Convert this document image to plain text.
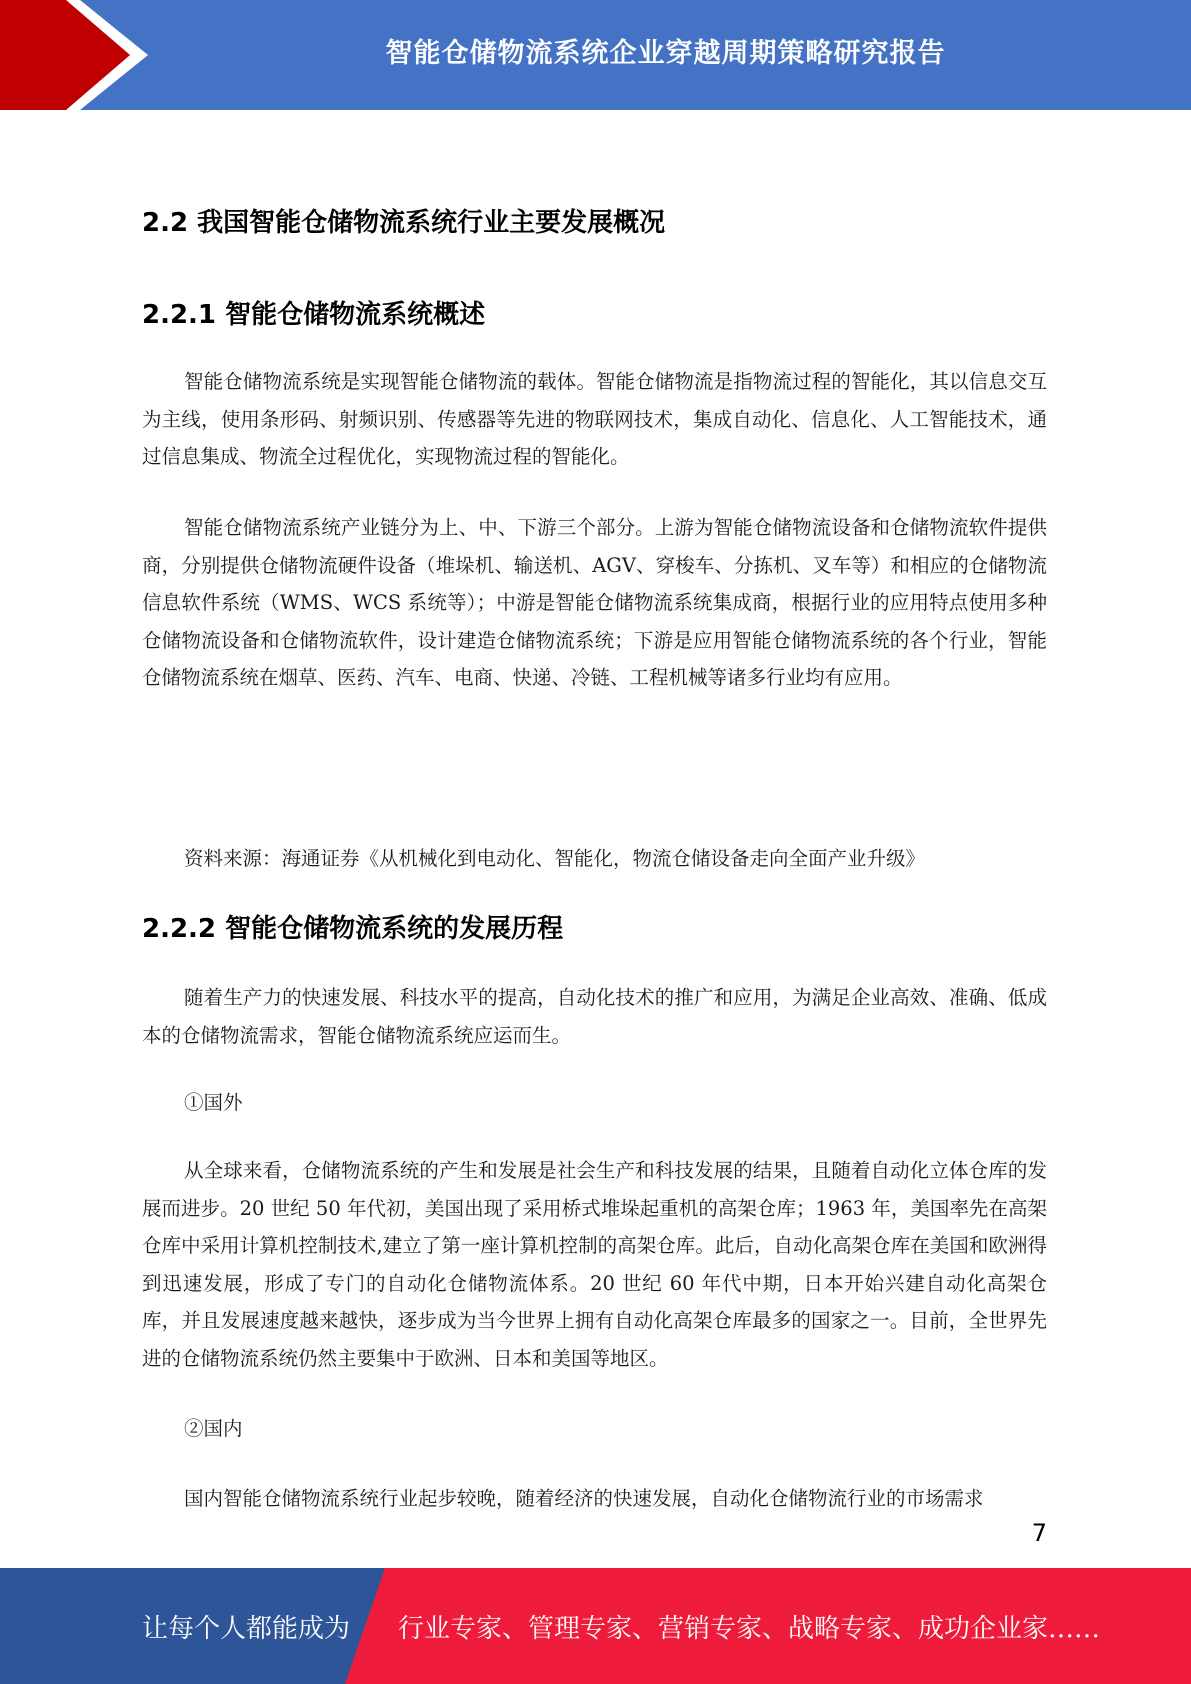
智能仓储物流系统企业穿越周期策略研究报告
2.2 我国智能仓储物流系统行业主要发展概况
2.2.1 智能仓储物流系统概述

智能仓储物流系统是实现智能仓储物流的载体。智能仓储物流是指物流过程的智能化，其以信息交互为主线，使用条形码、射频识别、传感器等先进的物联网技术，集成自动化、信息化、人工智能技术，通过信息集成、物流全过程优化，实现物流过程的智能化。

智能仓储物流系统产业链分为上、中、下游三个部分。上游为智能仓储物流设备和仓储物流软件提供商，分别提供仓储物流硬件设备（堆垛机、输送机、AGV、穿梭车、分拣机、叉车等）和相应的仓储物流信息软件系统（WMS、WCS 系统等）；中游是智能仓储物流系统集成商，根据行业的应用特点使用多种仓储物流设备和仓储物流软件，设计建造仓储物流系统；下游是应用智能仓储物流系统的各个行业，智能仓储物流系统在烟草、医药、汽车、电商、快递、冷链、工程机械等诸多行业均有应用。

资料来源：海通证券《从机械化到电动化、智能化，物流仓储设备走向全面产业升级》
2.2.2 智能仓储物流系统的发展历程

随着生产力的快速发展、科技水平的提高，自动化技术的推广和应用，为满足企业高效、准确、低成本的仓储物流需求，智能仓储物流系统应运而生。

①国外

从全球来看，仓储物流系统的产生和发展是社会生产和科技发展的结果，且随着自动化立体仓库的发展而进步。20 世纪 50 年代初，美国出现了采用桥式堆垛起重机的高架仓库；1963 年，美国率先在高架仓库中采用计算机控制技术,建立了第一座计算机控制的高架仓库。此后，自动化高架仓库在美国和欧洲得到迅速发展，形成了专门的自动化仓储物流体系。20 世纪 60 年代中期，日本开始兴建自动化高架仓库，并且发展速度越来越快，逐步成为当今世界上拥有自动化高架仓库最多的国家之一。目前，全世界先进的仓储物流系统仍然主要集中于欧洲、日本和美国等地区。

②国内

国内智能仓储物流系统行业起步较晚，随着经济的快速发展，自动化仓储物流行业的市场需求

7
让每个人都能成为 行业专家、管理专家、营销专家、战略专家、成功企业家……
